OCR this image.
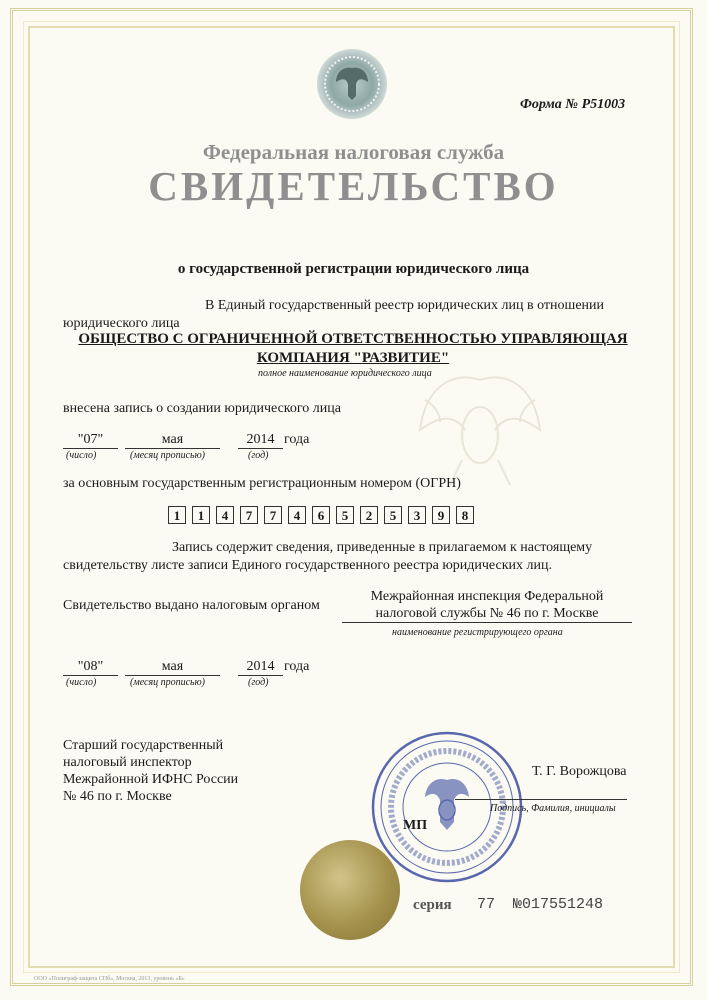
Форма № Р51003
Федеральная налоговая служба
СВИДЕТЕЛЬСТВО
о государственной регистрации юридического лица
В Единый государственный реестр юридических лиц в отношении
юридического лица
ОБЩЕСТВО С ОГРАНИЧЕННОЙ ОТВЕТСТВЕННОСТЬЮ УПРАВЛЯЮЩАЯ
КОМПАНИЯ "РАЗВИТИЕ"
полное наименование юридического лица
внесена запись о создании юридического лица
"07"	мая	2014 года
(число)	(месяц прописью)	(год)
за основным государственным регистрационным номером (ОГРН)
1	1	4	7	7	4	6	5	2	5	3	9	8
Запись содержит сведения, приведенные в прилагаемом к настоящему
свидетельству листе записи Единого государственного реестра юридических лиц.
Свидетельство выдано налоговым органом
Межрайонная инспекция Федеральной
налоговой службы № 46 по г. Москве
наименование регистрирующего органа
"08"	мая	2014 года
(число)	(месяц прописью)	(год)
Старший государственный
налоговый инспектор
Межрайонной ИФНС России
№ 46 по г. Москве
Т. Г. Ворожцова
Подпись, Фамилия, инициалы
МП
серия 77 №017551248
ООО «Полиграф-защита СПб», Москва, 2013, уровень «Б»
